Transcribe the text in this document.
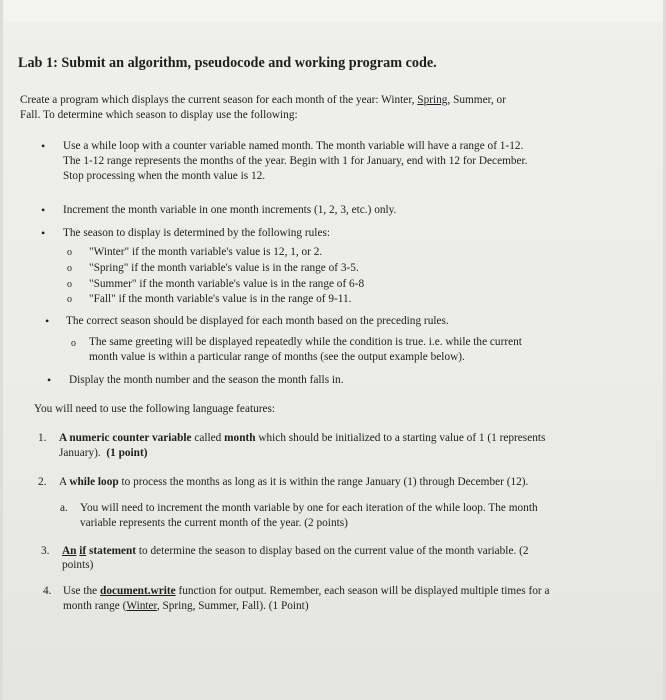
Lab 1: Submit an algorithm, pseudocode and working program code.
Create a program which displays the current season for each month of the year: Winter, Spring, Summer, or
Fall. To determine which season to display use the following:
• Use a while loop with a counter variable named month. The month variable will have a range of 1-12.
The 1-12 range represents the months of the year. Begin with 1 for January, end with 12 for December.
Stop processing when the month value is 12.
• Increment the month variable in one month increments (1, 2, 3, etc.) only.
• The season to display is determined by the following rules:
o "Winter" if the month variable's value is 12, 1, or 2.
o "Spring" if the month variable's value is in the range of 3-5.
o "Summer" if the month variable's value is in the range of 6-8
o "Fall" if the month variable's value is in the range of 9-11.
• The correct season should be displayed for each month based on the preceding rules.
o The same greeting will be displayed repeatedly while the condition is true. i.e. while the current
month value is within a particular range of months (see the output example below).
• Display the month number and the season the month falls in.
You will need to use the following language features:
1. A numeric counter variable called month which should be initialized to a starting value of 1 (1 represents
January). (1 point)
2. A while loop to process the months as long as it is within the range January (1) through December (12).
a. You will need to increment the month variable by one for each iteration of the while loop. The month
variable represents the current month of the year. (2 points)
3. An if statement to determine the season to display based on the current value of the month variable. (2
points)
4. Use the document.write function for output. Remember, each season will be displayed multiple times for a
month range (Winter, Spring, Summer, Fall). (1 Point)
